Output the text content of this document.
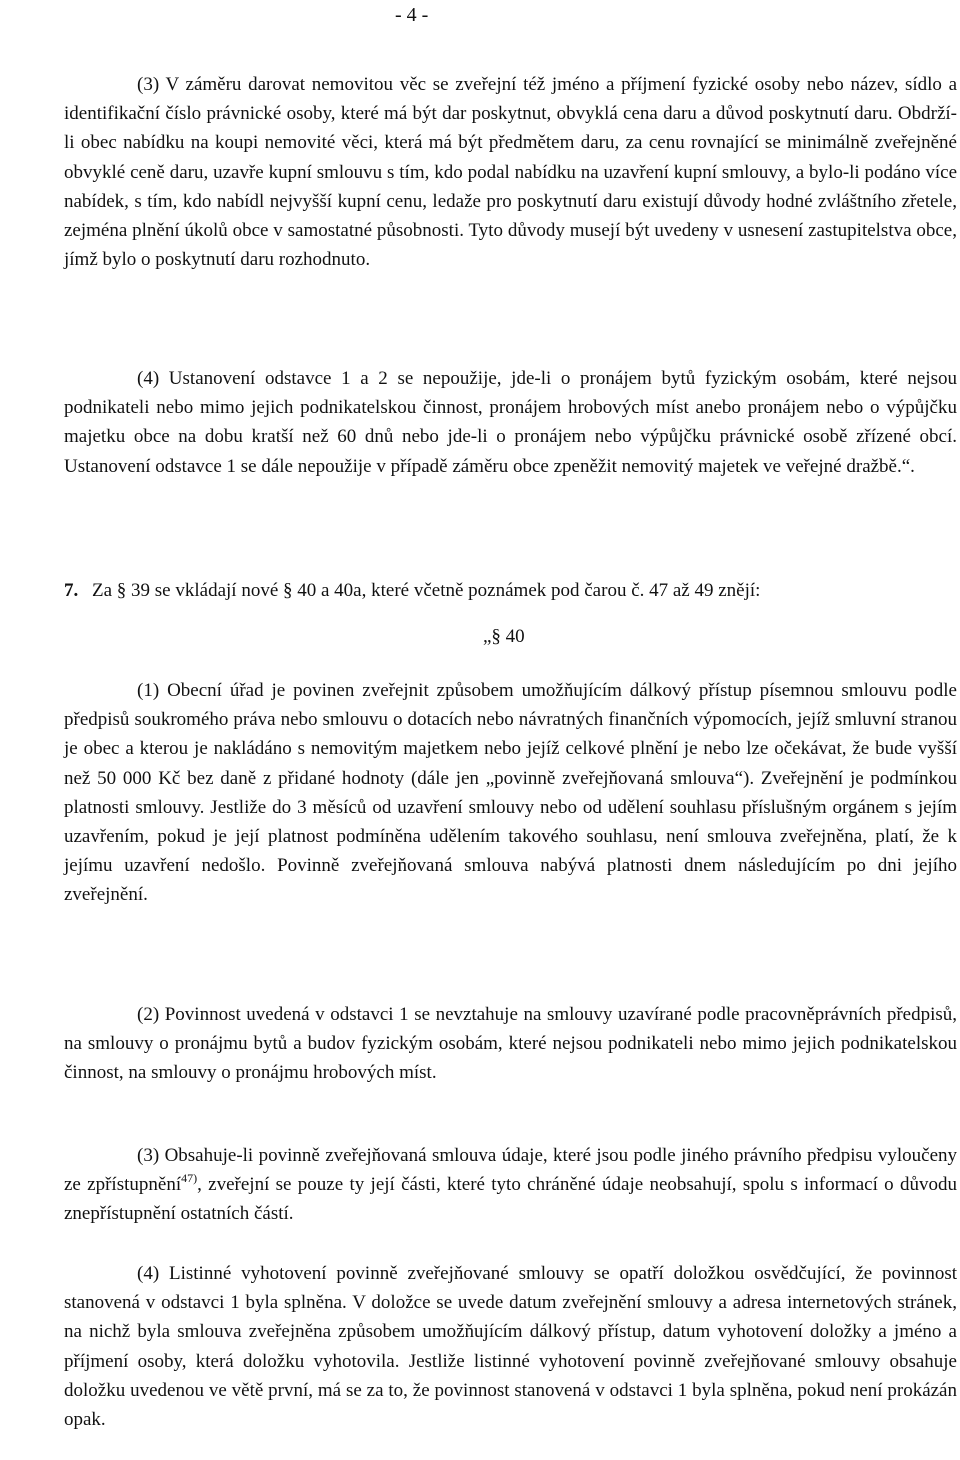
- 4 -

(3) V záměru darovat nemovitou věc se zveřejní též jméno a příjmení fyzické osoby nebo název, sídlo a identifikační číslo právnické osoby, které má být dar poskytnut, obvyklá cena daru a důvod poskytnutí daru. Obdrží-li obec nabídku na koupi nemovité věci, která má být předmětem daru, za cenu rovnající se minimálně zveřejněné obvyklé ceně daru, uzavře kupní smlouvu s tím, kdo podal nabídku na uzavření kupní smlouvy, a bylo-li podáno více nabídek, s tím, kdo nabídl nejvyšší kupní cenu, ledaže pro poskytnutí daru existují důvody hodné zvláštního zřetele, zejména plnění úkolů obce v samostatné působnosti. Tyto důvody musejí být uvedeny v usnesení zastupitelstva obce, jímž bylo o poskytnutí daru rozhodnuto.

(4) Ustanovení odstavce 1 a 2 se nepoužije, jde-li o pronájem bytů fyzickým osobám, které nejsou podnikateli nebo mimo jejich podnikatelskou činnost, pronájem hrobových míst anebo pronájem nebo o výpůjčku majetku obce na dobu kratší než 60 dnů nebo jde-li o pronájem nebo výpůjčku právnické osobě zřízené obcí. Ustanovení odstavce 1 se dále nepoužije v případě záměru obce zpeněžit nemovitý majetek ve veřejné dražbě.“.

7. Za § 39 se vkládají nové § 40 a 40a, které včetně poznámek pod čarou č. 47 až 49 znějí:
„§ 40

(1) Obecní úřad je povinen zveřejnit způsobem umožňujícím dálkový přístup písemnou smlouvu podle předpisů soukromého práva nebo smlouvu o dotacích nebo návratných finančních výpomocích, jejíž smluvní stranou je obec a kterou je nakládáno s nemovitým majetkem nebo jejíž celkové plnění je nebo lze očekávat, že bude vyšší než 50 000 Kč bez daně z přidané hodnoty (dále jen „povinně zveřejňovaná smlouva“). Zveřejnění je podmínkou platnosti smlouvy. Jestliže do 3 měsíců od uzavření smlouvy nebo od udělení souhlasu příslušným orgánem s jejím uzavřením, pokud je její platnost podmíněna udělením takového souhlasu, není smlouva zveřejněna, platí, že k jejímu uzavření nedošlo. Povinně zveřejňovaná smlouva nabývá platnosti dnem následujícím po dni jejího zveřejnění.

(2) Povinnost uvedená v odstavci 1 se nevztahuje na smlouvy uzavírané podle pracovněprávních předpisů, na smlouvy o pronájmu bytů a budov fyzickým osobám, které nejsou podnikateli nebo mimo jejich podnikatelskou činnost, na smlouvy o pronájmu hrobových míst.

(3) Obsahuje-li povinně zveřejňovaná smlouva údaje, které jsou podle jiného právního předpisu vyloučeny ze zpřístupnění$^{47)}$, zveřejní se pouze ty její části, které tyto chráněné údaje neobsahují, spolu s informací o důvodu znepřístupnění ostatních částí.

(4) Listinné vyhotovení povinně zveřejňované smlouvy se opatří doložkou osvědčující, že povinnost stanovená v odstavci 1 byla splněna. V doložce se uvede datum zveřejnění smlouvy a adresa internetových stránek, na nichž byla smlouva zveřejněna způsobem umožňujícím dálkový přístup, datum vyhotovení doložky a jméno a příjmení osoby, která doložku vyhotovila. Jestliže listinné vyhotovení povinně zveřejňované smlouvy obsahuje doložku uvedenou ve větě první, má se za to, že povinnost stanovená v odstavci 1 byla splněna, pokud není prokázán opak.
